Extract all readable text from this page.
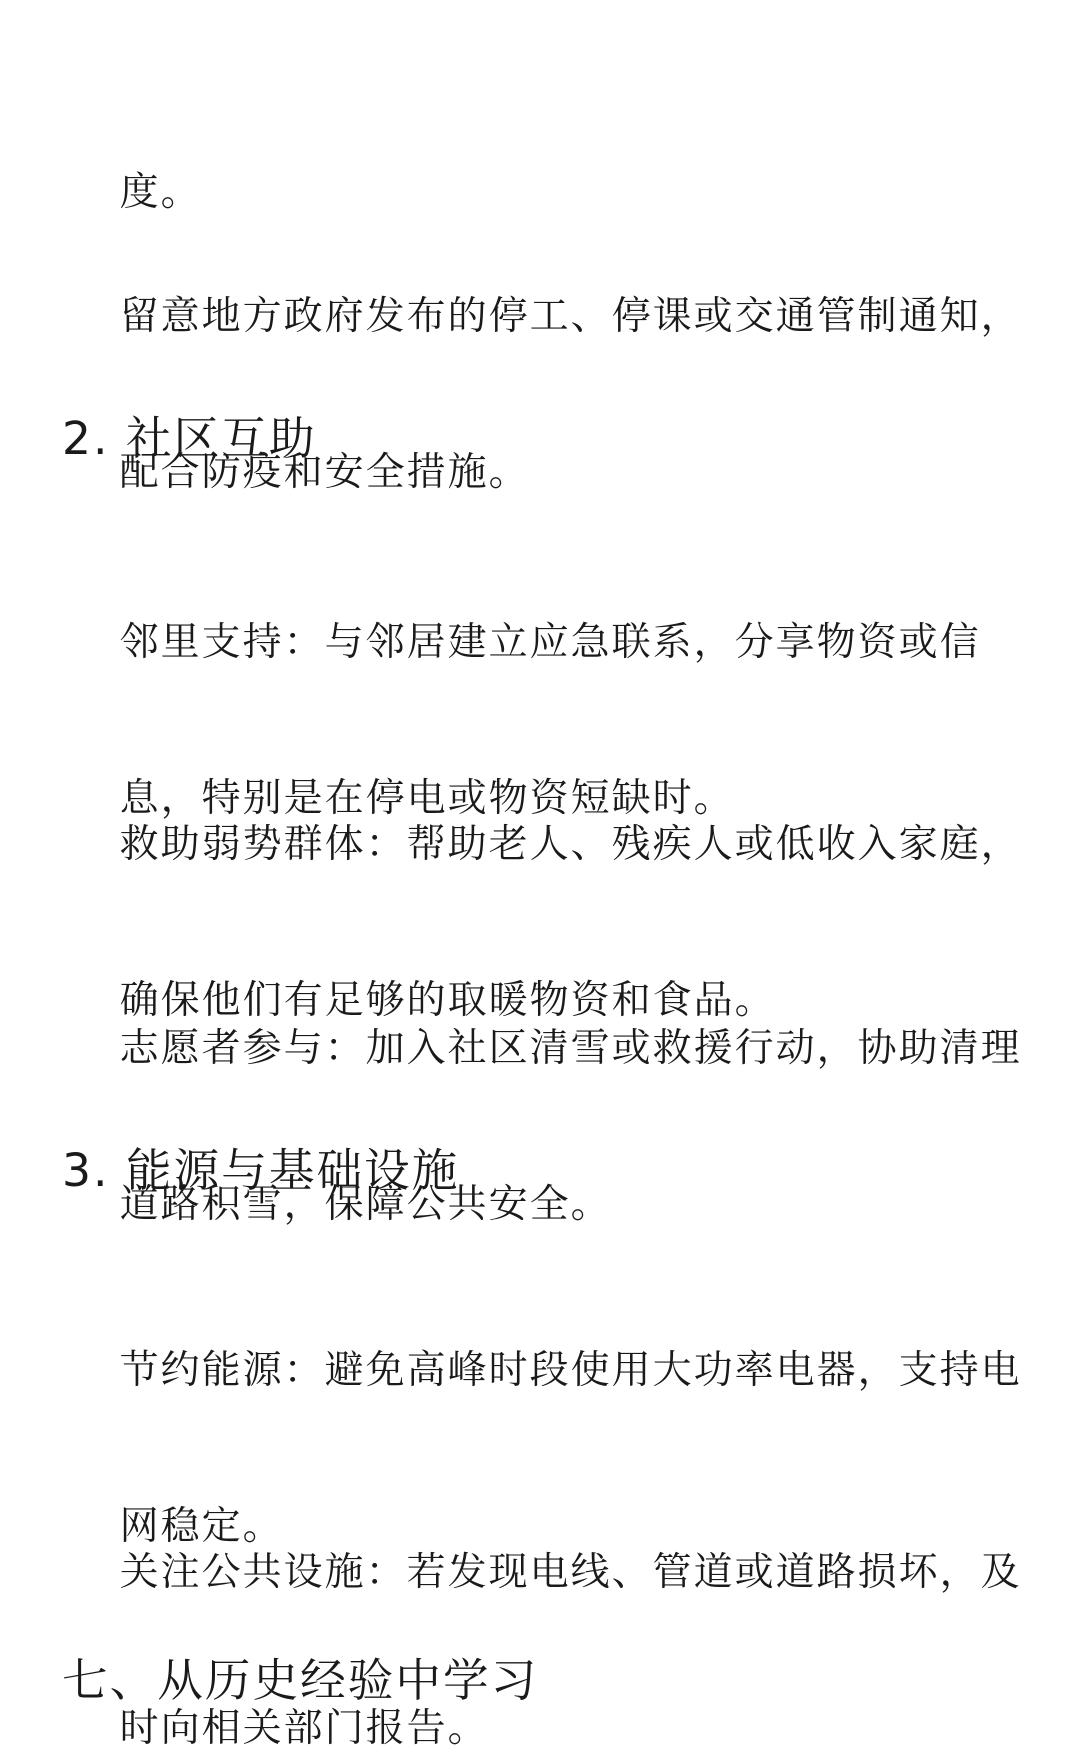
度。

留意地方政府发布的停工、停课或交通管制通知，

配合防疫和安全措施。

2. 社区互助

邻里支持：与邻居建立应急联系，分享物资或信

息，特别是在停电或物资短缺时。

救助弱势群体：帮助老人、残疾人或低收入家庭，

确保他们有足够的取暖物资和食品。

志愿者参与：加入社区清雪或救援行动，协助清理

道路积雪，保障公共安全。

3. 能源与基础设施

节约能源：避免高峰时段使用大功率电器，支持电

网稳定。

关注公共设施：若发现电线、管道或道路损坏，及

时向相关部门报告。

七、从历史经验中学习
